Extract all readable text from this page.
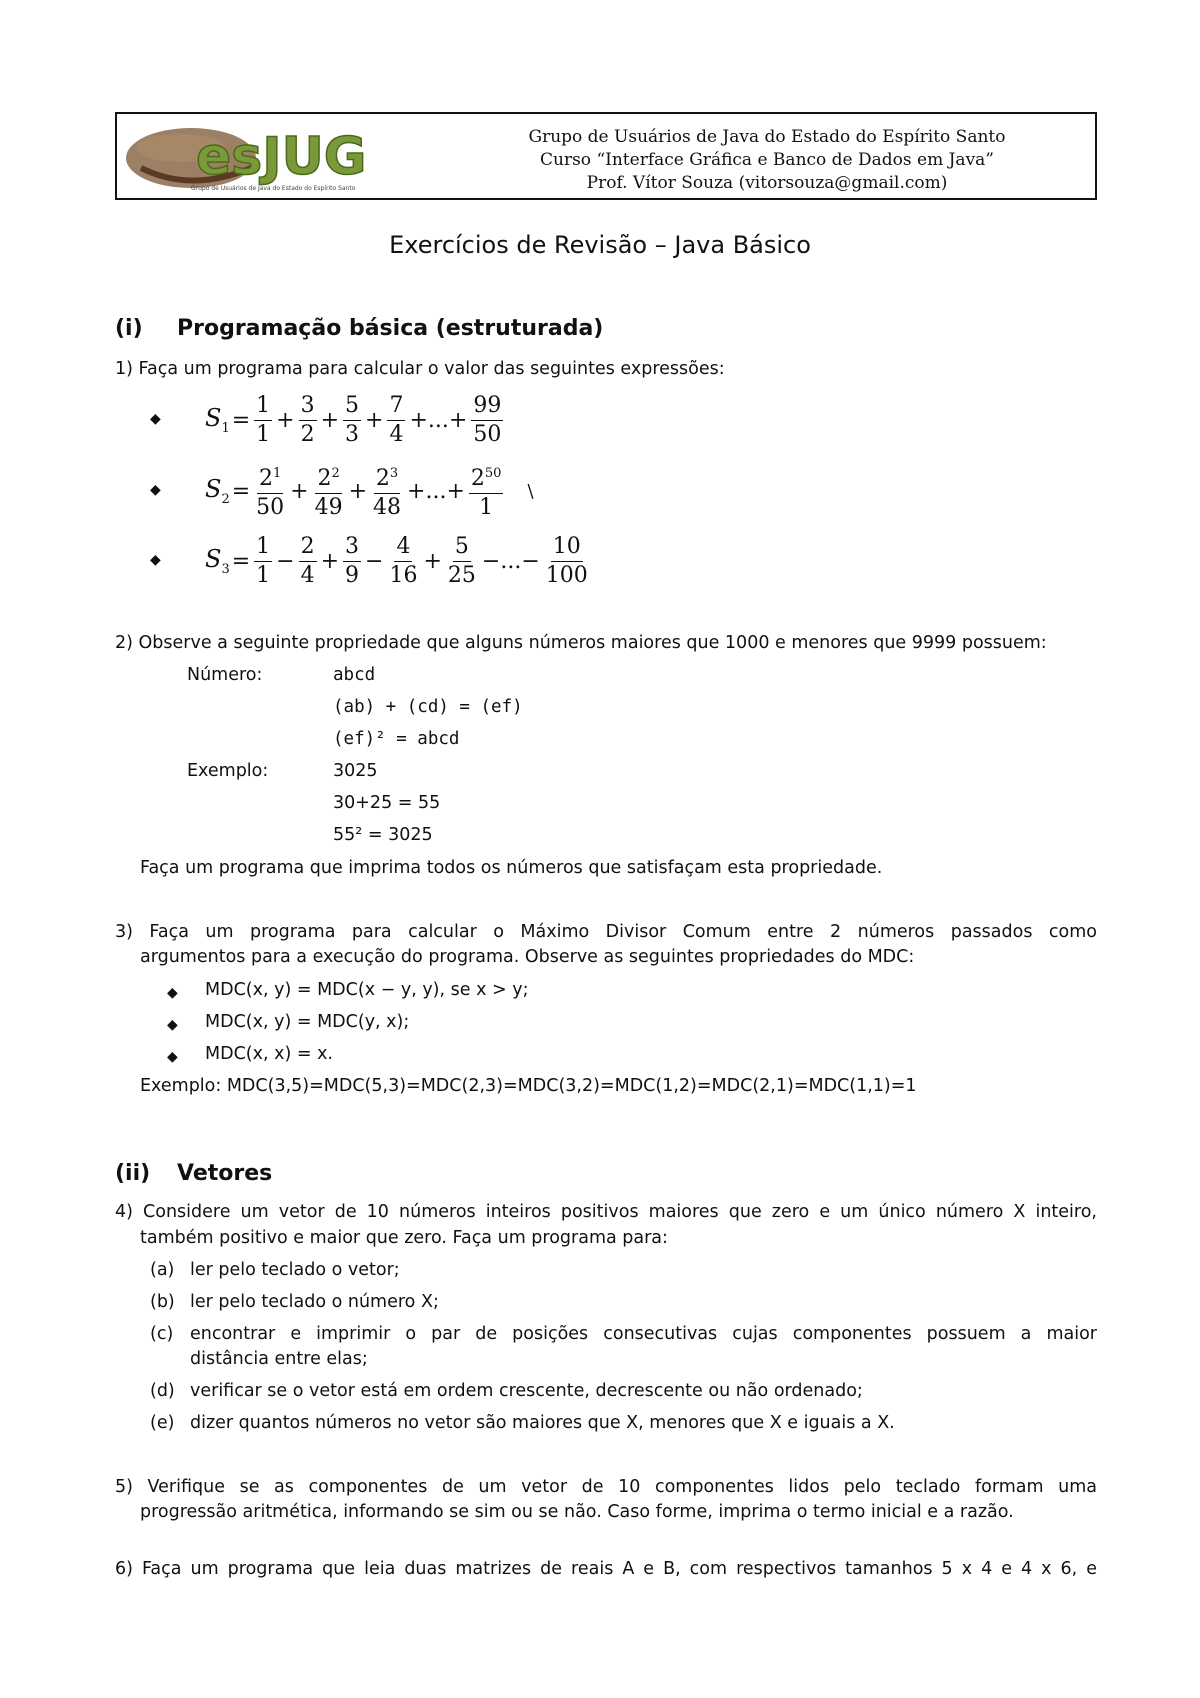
esJUG
Grupo de Usuários de Java do Estado do Espírito Santo
Grupo de Usuários de Java do Estado do Espírito Santo
Curso “Interface Gráfica e Banco de Dados em Java”
Prof. Vítor Souza (vitorsouza@gmail.com)
Exercícios de Revisão – Java Básico
(i) Programação básica (estruturada)
1) Faça um programa para calcular o valor das seguintes expressões:
◆ $S_1 = \frac{1}{1} + \frac{3}{2} + \frac{5}{3} + \frac{7}{4}$ +...+ $\frac{99}{50}$
◆ $S_2 = \frac{2^1}{50} + \frac{2^2}{49} + \frac{2^3}{48}$ +...+ $\frac{2^{50}}{1}$ \
◆ $S_3 = \frac{1}{1} - \frac{2}{4} + \frac{3}{9} - \frac{4}{16} + \frac{5}{25}$ −...− $\frac{10}{100}$
2) Observe a seguinte propriedade que alguns números maiores que 1000 e menores que 9999 possuem:
Número:	abcd
(ab) + (cd) = (ef)
(ef)² = abcd
Exemplo:	3025
30+25 = 55
55² = 3025
Faça um programa que imprima todos os números que satisfaçam esta propriedade.
3) Faça um programa para calcular o Máximo Divisor Comum entre 2 números passados como
argumentos para a execução do programa. Observe as seguintes propriedades do MDC:
◆ MDC(x, y) = MDC(x − y, y), se x > y;
◆ MDC(x, y) = MDC(y, x);
◆ MDC(x, x) = x.
Exemplo: MDC(3,5)=MDC(5,3)=MDC(2,3)=MDC(3,2)=MDC(1,2)=MDC(2,1)=MDC(1,1)=1
(ii) Vetores
4) Considere um vetor de 10 números inteiros positivos maiores que zero e um único número X inteiro,
também positivo e maior que zero. Faça um programa para:
(a) ler pelo teclado o vetor;
(b) ler pelo teclado o número X;
(c) encontrar e imprimir o par de posições consecutivas cujas componentes possuem a maior
distância entre elas;
(d) verificar se o vetor está em ordem crescente, decrescente ou não ordenado;
(e) dizer quantos números no vetor são maiores que X, menores que X e iguais a X.
5) Verifique se as componentes de um vetor de 10 componentes lidos pelo teclado formam uma
progressão aritmética, informando se sim ou se não. Caso forme, imprima o termo inicial e a razão.
6) Faça um programa que leia duas matrizes de reais A e B, com respectivos tamanhos 5 x 4 e 4 x 6, e
